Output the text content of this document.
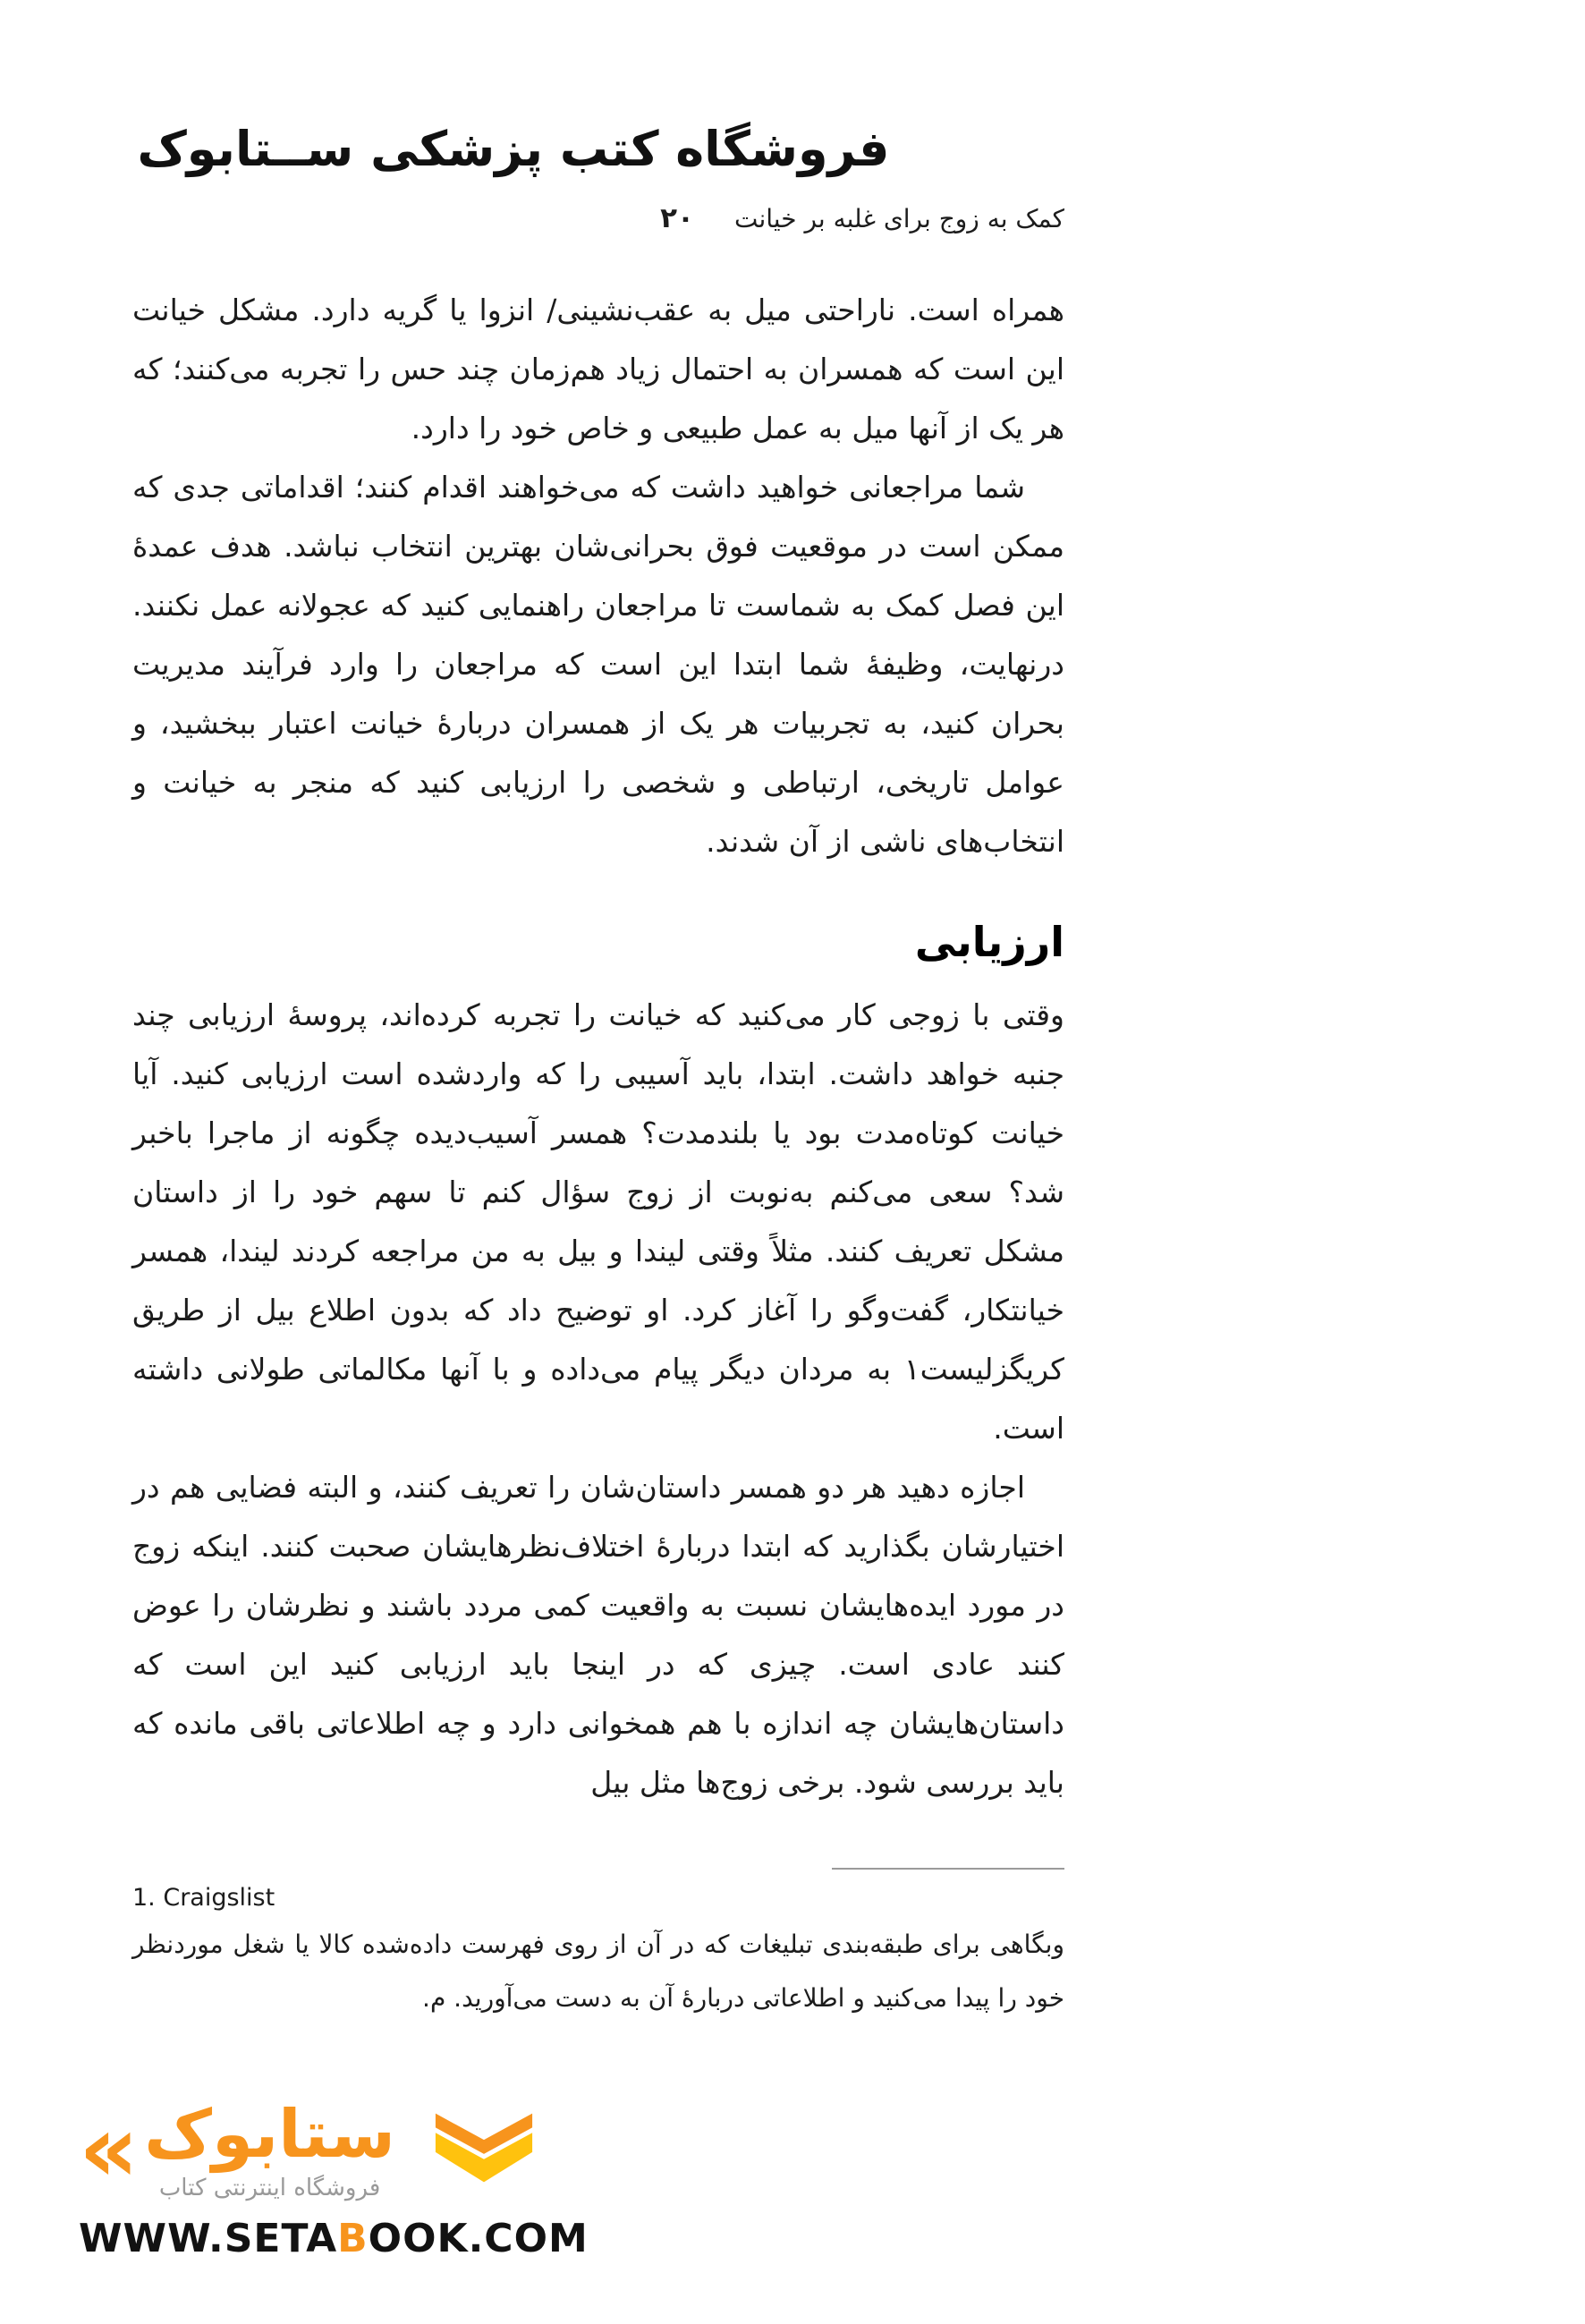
فروشگاه کتب پزشکی ســتابوک
۲۰ کمک به زوج برای غلبه بر خیانت

همراه است. ناراحتی میل به عقب‌نشینی/ انزوا یا گریه دارد. مشکل خیانت این است که همسران به احتمال زیاد هم‌زمان چند حس را تجربه می‌کنند؛ که هر یک از آنها میل به عمل طبیعی و خاص خود را دارد.

شما مراجعانی خواهید داشت که می‌خواهند اقدام کنند؛ اقداماتی جدی که ممکن است در موقعیت فوق بحرانی‌شان بهترین انتخاب نباشد. هدف عمدهٔ این فصل کمک به شماست تا مراجعان راهنمایی کنید که عجولانه عمل نکنند. درنهایت، وظیفهٔ شما ابتدا این است که مراجعان را وارد فرآیند مدیریت بحران کنید، به تجربیات هر یک از همسران دربارهٔ خیانت اعتبار ببخشید، و عوامل تاریخی، ارتباطی و شخصی را ارزیابی کنید که منجر به خیانت و انتخاب‌های ناشی از آن شدند.

ارزیابی

وقتی با زوجی کار می‌کنید که خیانت را تجربه کرده‌اند، پروسهٔ ارزیابی چند جنبه خواهد داشت. ابتدا، باید آسیبی را که واردشده است ارزیابی کنید. آیا خیانت کوتاه‌مدت بود یا بلندمدت؟ همسر آسیب‌دیده چگونه از ماجرا باخبر شد؟ سعی می‌کنم به‌نوبت از زوج سؤال کنم تا سهم خود را از داستان مشکل تعریف کنند. مثلاً وقتی لیندا و بیل به من مراجعه کردند لیندا، همسر خیانتکار، گفت‌وگو را آغاز کرد. او توضیح داد که بدون اطلاع بیل از طریق کریگزلیست۱ به مردان دیگر پیام می‌داده و با آنها مکالماتی طولانی داشته است.

اجازه دهید هر دو همسر داستان‌شان را تعریف کنند، و البته فضایی هم در اختیارشان بگذارید که ابتدا دربارهٔ اختلاف‌نظرهایشان صحبت کنند. اینکه زوج در مورد ایده‌هایشان نسبت به واقعیت کمی مردد باشند و نظرشان را عوض کنند عادی است. چیزی که در اینجا باید ارزیابی کنید این است که داستان‌هایشان چه اندازه با هم همخوانی دارد و چه اطلاعاتی باقی مانده که باید بررسی شود. برخی زوج‌ها مثل بیل

1. Craigslist
وبگاهی برای طبقه‌بندی تبلیغات که در آن از روی فهرست داده‌شده کالا یا شغل موردنظر خود را پیدا می‌کنید و اطلاعاتی دربارهٔ آن به دست می‌آورید. م.
« ستابوک
فروشگاه اینترنتی کتاب
WWW.SETABOOK.COM
